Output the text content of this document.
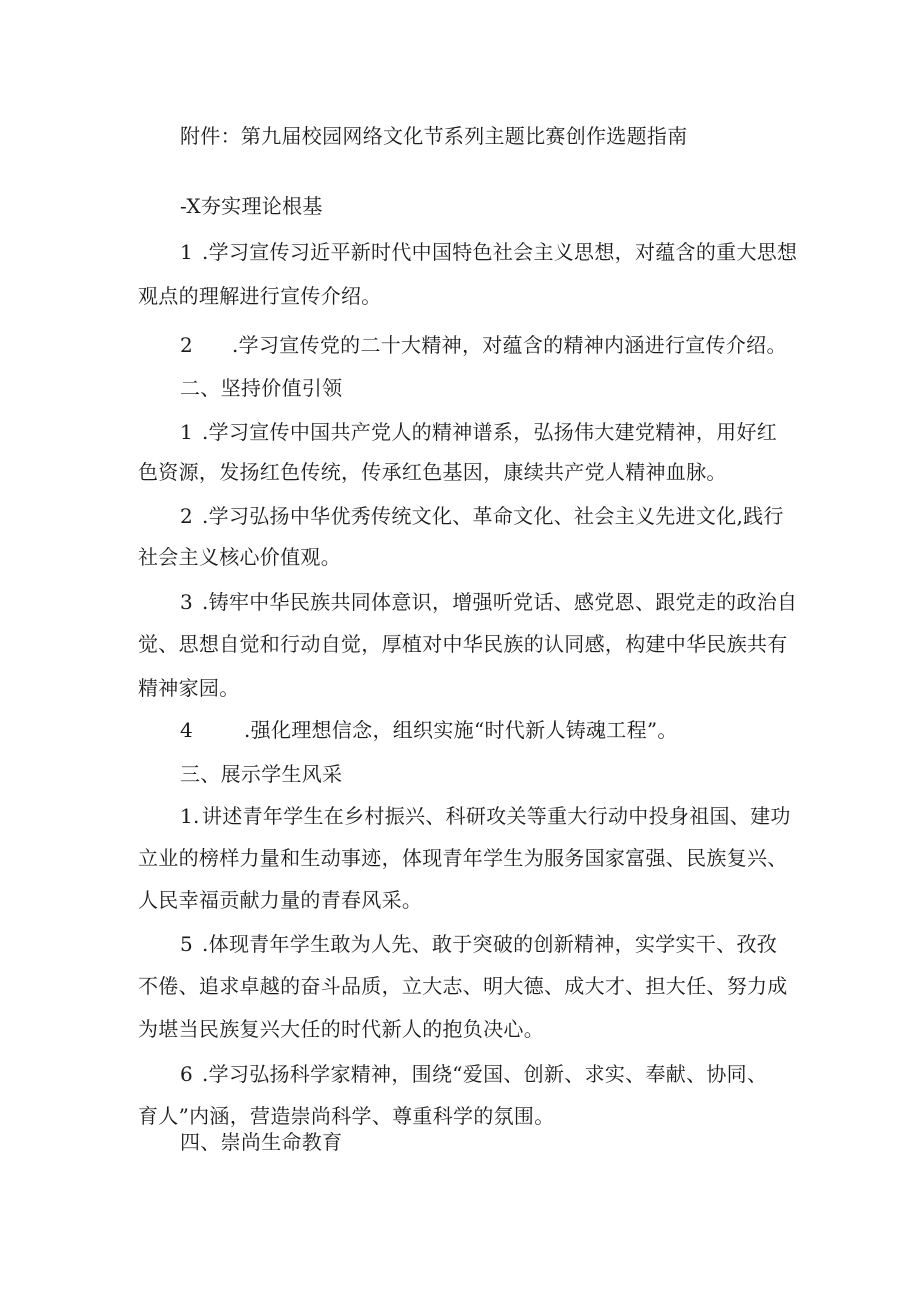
附件：第九届校园网络文化节系列主题比赛创作选题指南
-X夯实理论根基
1 .学习宣传习近平新时代中国特色社会主义思想，对蕴含的重大思想
观点的理解进行宣传介绍。
2 .学习宣传党的二十大精神，对蕴含的精神内涵进行宣传介绍。
二、坚持价值引领
1 .学习宣传中国共产党人的精神谱系，弘扬伟大建党精神，用好红
色资源，发扬红色传统，传承红色基因，康续共产党人精神血脉。
2 .学习弘扬中华优秀传统文化、革命文化、社会主义先进文化,践行
社会主义核心价值观。
3 .铸牢中华民族共同体意识，增强听党话、感党恩、跟党走的政治自
觉、思想自觉和行动自觉，厚植对中华民族的认同感，构建中华民族共有
精神家园。
4	.强化理想信念，组织实施“时代新人铸魂工程”。
三、展示学生风采
1. 讲述青年学生在乡村振兴、科研攻关等重大行动中投身祖国、建功
立业的榜样力量和生动事迹，体现青年学生为服务国家富强、民族复兴、
人民幸福贡献力量的青春风采。
5 .体现青年学生敢为人先、敢于突破的创新精神，实学实干、孜孜
不倦、追求卓越的奋斗品质，立大志、明大德、成大才、担大任、努力成
为堪当民族复兴大任的时代新人的抱负决心。
6 .学习弘扬科学家精神，围绕“爱国、创新、求实、奉献、协同、
育人”内涵，营造崇尚科学、尊重科学的氛围。
四、崇尚生命教育
